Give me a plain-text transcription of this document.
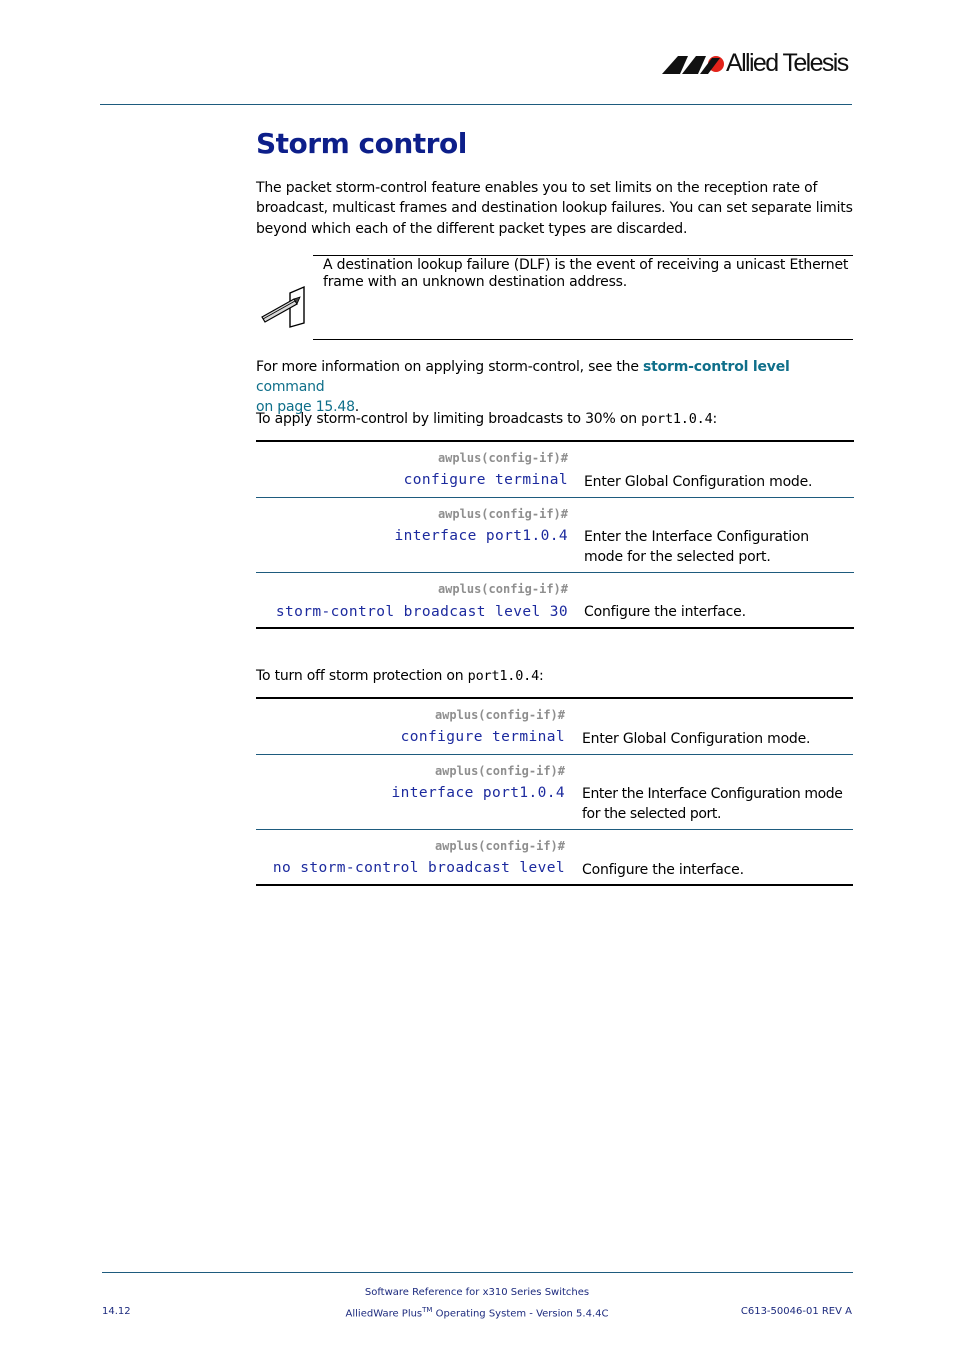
Allied Telesis
Storm control
The packet storm-control feature enables you to set limits on the reception rate of
broadcast, multicast frames and destination lookup failures. You can set separate limits
beyond which each of the different packet types are discarded.
A destination lookup failure (DLF) is the event of receiving a unicast Ethernet
frame with an unknown destination address.
For more information on applying storm-control, see the storm-control level command
on page 15.48.
To apply storm-control by limiting broadcasts to 30% on port1.0.4:
awplus(config-if)#
configure terminal Enter Global Configuration mode.
awplus(config-if)#
interface port1.0.4 Enter the Interface Configuration
mode for the selected port.
awplus(config-if)#
storm-control broadcast level 30 Configure the interface.
To turn off storm protection on port1.0.4:
awplus(config-if)#
configure terminal Enter Global Configuration mode.
awplus(config-if)#
interface port1.0.4 Enter the Interface Configuration mode
for the selected port.
awplus(config-if)#
no storm-control broadcast level Configure the interface.
Software Reference for x310 Series Switches
14.12	AlliedWare Plus™ Operating System - Version 5.4.4C	C613-50046-01 REV A
